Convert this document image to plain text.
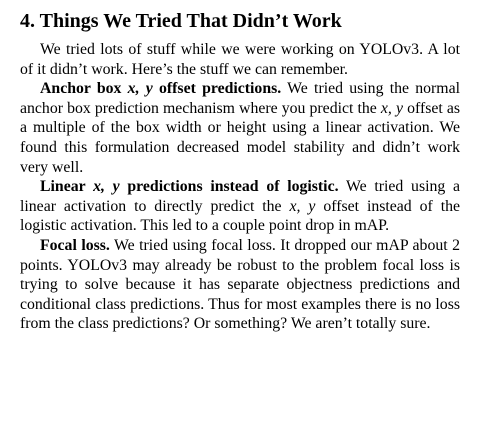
4. Things We Tried That Didn’t Work

We tried lots of stuff while we were working on YOLOv3. A lot of it didn’t work. Here’s the stuff we can remember.

Anchor box x, y offset predictions. We tried using the normal anchor box prediction mechanism where you predict the x, y offset as a multiple of the box width or height using a linear activation. We found this formulation decreased model stability and didn’t work very well.

Linear x, y predictions instead of logistic. We tried using a linear activation to directly predict the x, y offset instead of the logistic activation. This led to a couple point drop in mAP.

Focal loss. We tried using focal loss. It dropped our mAP about 2 points. YOLOv3 may already be robust to the problem focal loss is trying to solve because it has separate objectness predictions and conditional class predictions. Thus for most examples there is no loss from the class predictions? Or something? We aren’t totally sure.
